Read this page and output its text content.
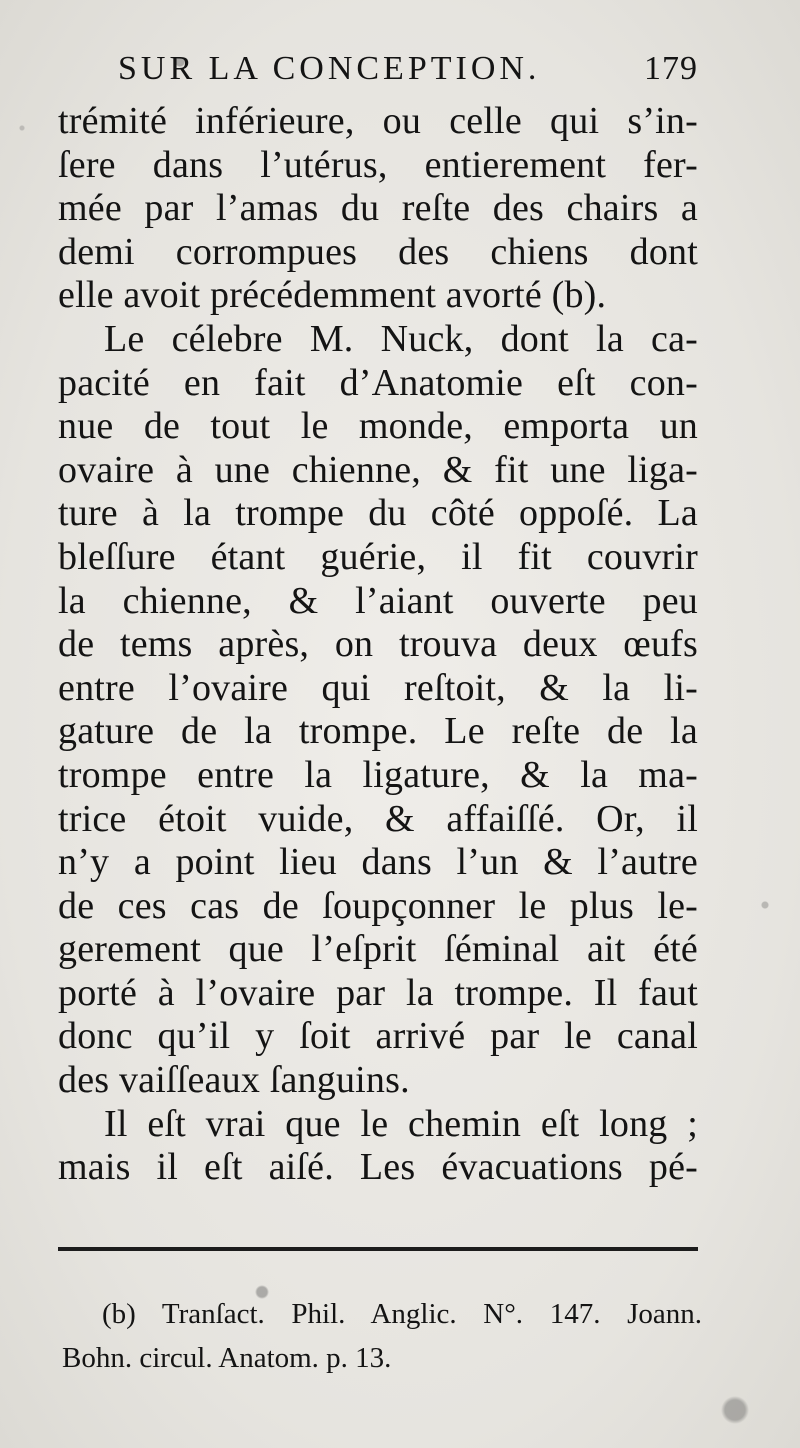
SUR LA CONCEPTION.	179
trémité inférieure, ou celle qui s’in-
ſere dans l’utérus, entierement fer-
mée par l’amas du reſte des chairs a
demi corrompues des chiens dont
elle avoit précédemment avorté (b).
Le célebre M. Nuck, dont la ca-
pacité en fait d’Anatomie eſt con-
nue de tout le monde, emporta un
ovaire à une chienne, & fit une liga-
ture à la trompe du côté oppoſé. La
bleſſure étant guérie, il fit couvrir
la chienne, & l’aiant ouverte peu
de tems après, on trouva deux œufs
entre l’ovaire qui reſtoit, & la li-
gature de la trompe. Le reſte de la
trompe entre la ligature, & la ma-
trice étoit vuide, & affaiſſé. Or, il
n’y a point lieu dans l’un & l’autre
de ces cas de ſoupçonner le plus le-
gerement que l’eſprit ſéminal ait été
porté à l’ovaire par la trompe. Il faut
donc qu’il y ſoit arrivé par le canal
des vaiſſeaux ſanguins.
Il eſt vrai que le chemin eſt long ;
mais il eſt aiſé. Les évacuations pé-
(b) Tranſact. Phil. Anglic. N°. 147. Joann.
Bohn. circul. Anatom. p. 13.
